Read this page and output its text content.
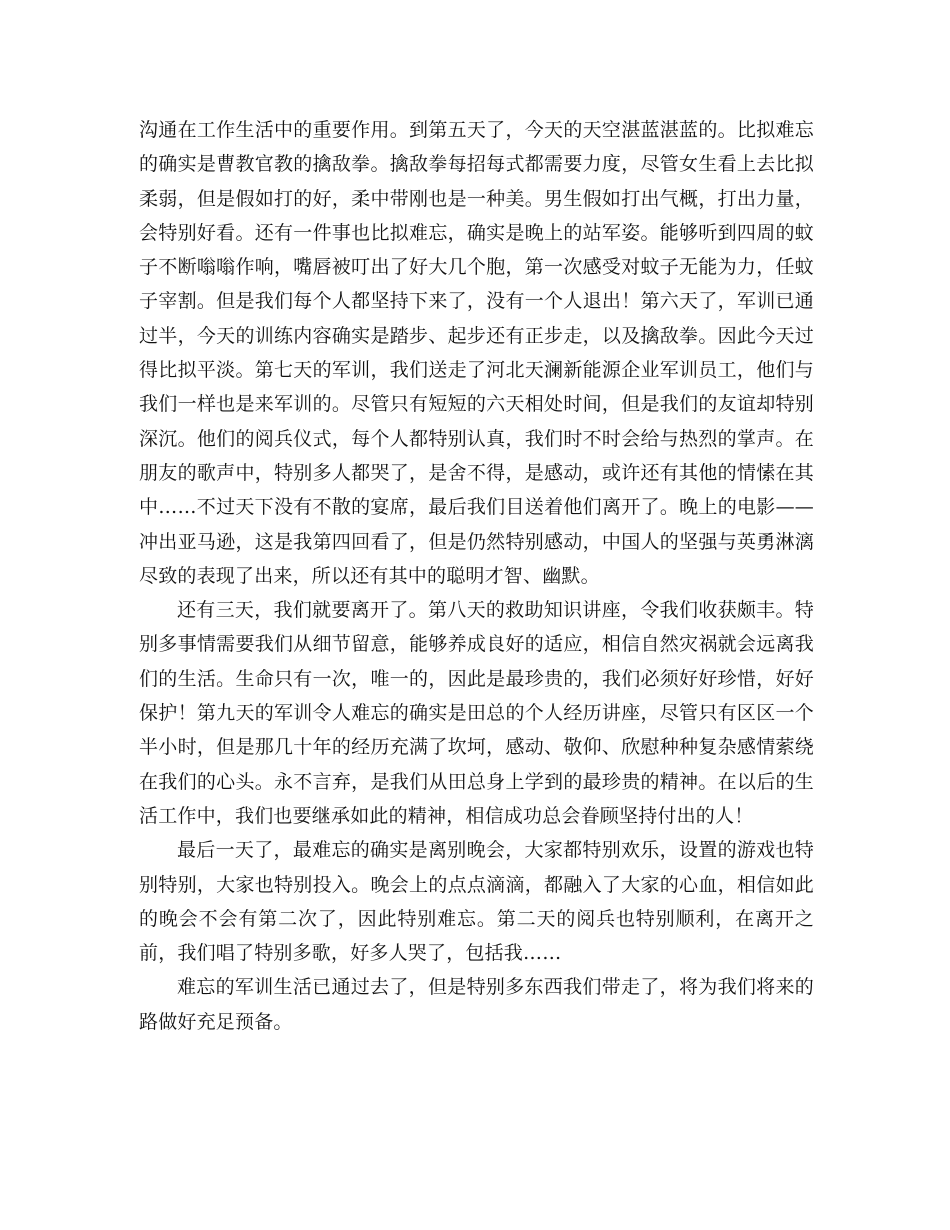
沟通在工作生活中的重要作用。到第五天了，今天的天空湛蓝湛蓝的。比拟难忘的确实是曹教官教的擒敌拳。擒敌拳每招每式都需要力度，尽管女生看上去比拟柔弱，但是假如打的好，柔中带刚也是一种美。男生假如打出气概，打出力量，会特别好看。还有一件事也比拟难忘，确实是晚上的站军姿。能够听到四周的蚊子不断嗡嗡作响，嘴唇被叮出了好大几个胞，第一次感受对蚊子无能为力，任蚊子宰割。但是我们每个人都坚持下来了，没有一个人退出！第六天了，军训已通过半，今天的训练内容确实是踏步、起步还有正步走，以及擒敌拳。因此今天过得比拟平淡。第七天的军训，我们送走了河北天澜新能源企业军训员工，他们与我们一样也是来军训的。尽管只有短短的六天相处时间，但是我们的友谊却特别深沉。他们的阅兵仪式，每个人都特别认真，我们时不时会给与热烈的掌声。在朋友的歌声中，特别多人都哭了，是舍不得，是感动，或许还有其他的情愫在其中……不过天下没有不散的宴席，最后我们目送着他们离开了。晚上的电影——冲出亚马逊，这是我第四回看了，但是仍然特别感动，中国人的坚强与英勇淋漓尽致的表现了出来，所以还有其中的聪明才智、幽默。

还有三天，我们就要离开了。第八天的救助知识讲座，令我们收获颇丰。特别多事情需要我们从细节留意，能够养成良好的适应，相信自然灾祸就会远离我们的生活。生命只有一次，唯一的，因此是最珍贵的，我们必须好好珍惜，好好保护！第九天的军训令人难忘的确实是田总的个人经历讲座，尽管只有区区一个半小时，但是那几十年的经历充满了坎坷，感动、敬仰、欣慰种种复杂感情萦绕在我们的心头。永不言弃，是我们从田总身上学到的最珍贵的精神。在以后的生活工作中，我们也要继承如此的精神，相信成功总会眷顾坚持付出的人！

最后一天了，最难忘的确实是离别晚会，大家都特别欢乐，设置的游戏也特别特别，大家也特别投入。晚会上的点点滴滴，都融入了大家的心血，相信如此的晚会不会有第二次了，因此特别难忘。第二天的阅兵也特别顺利，在离开之前，我们唱了特别多歌，好多人哭了，包括我……

难忘的军训生活已通过去了，但是特别多东西我们带走了，将为我们将来的路做好充足预备。
